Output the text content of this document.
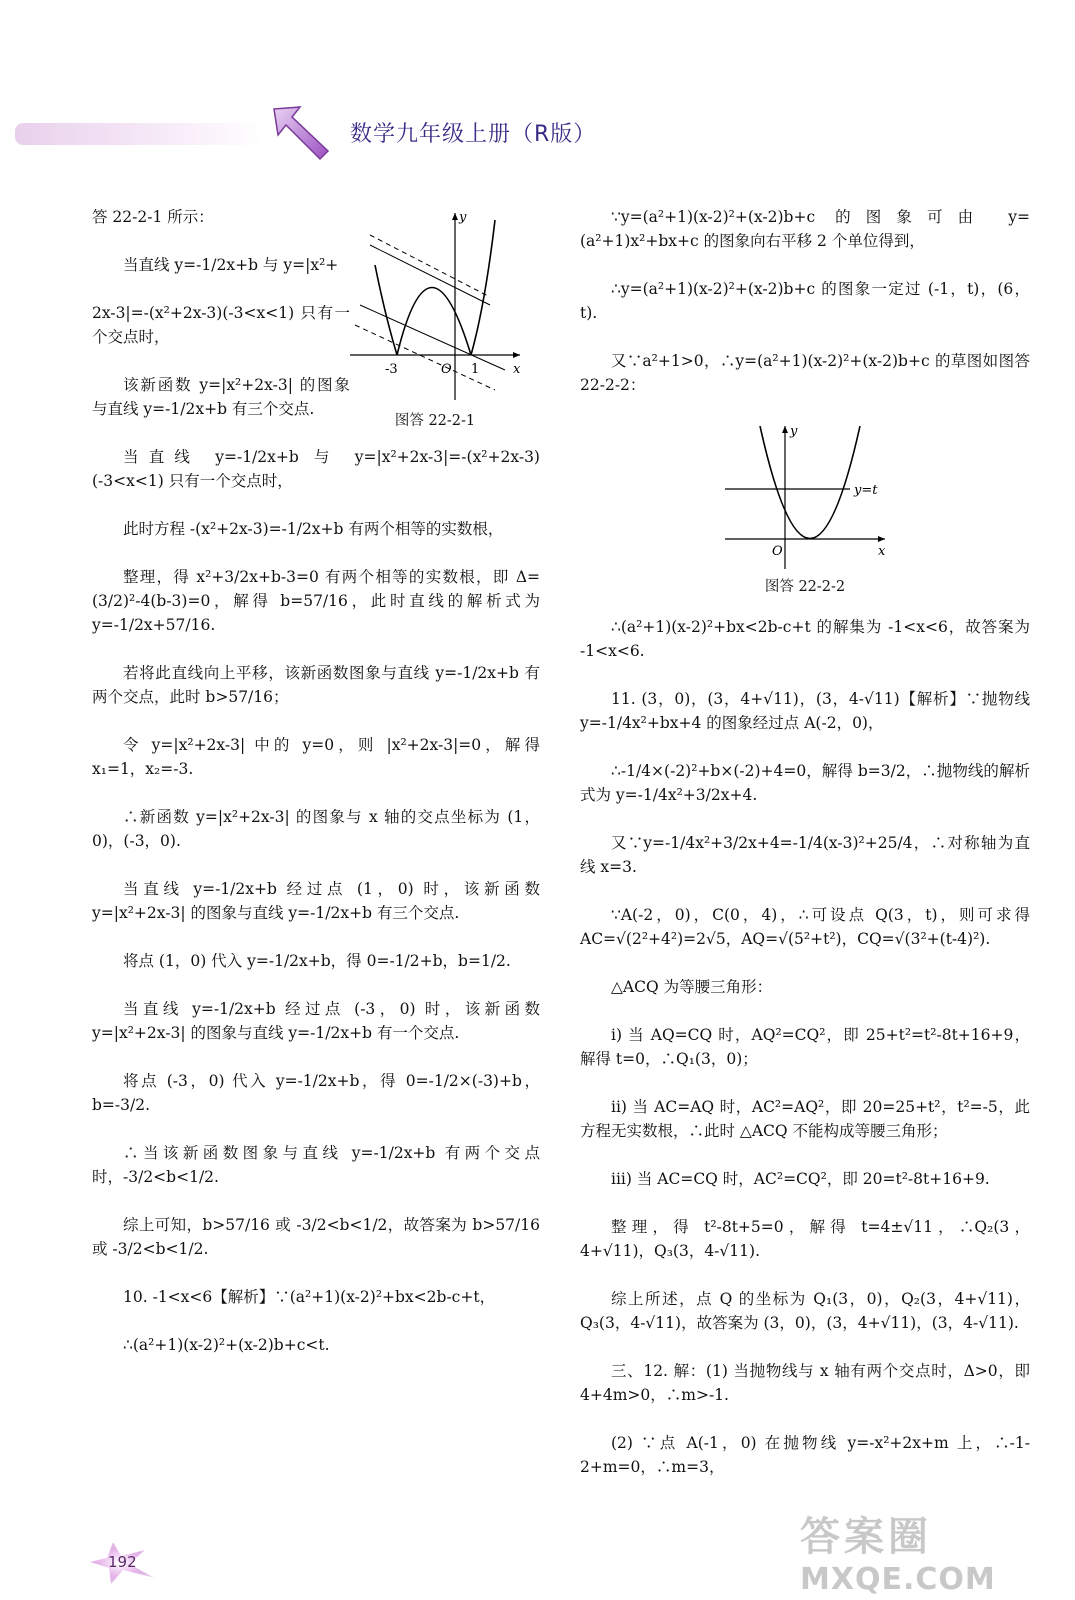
数学九年级上册（R版）
y
x
-3	O 1
图答 22-2-1

答 22-2-1 所示：

当直线 y=-1/2x+b 与 y=|x²+

2x-3|=-(x²+2x-3)(-3<x<1) 只有一个交点时，

该新函数 y=|x²+2x-3| 的图象与直线 y=-1/2x+b 有三个交点.

当直线 y=-1/2x+b 与 y=|x²+2x-3|=-(x²+2x-3)(-3<x<1) 只有一个交点时，

此时方程 -(x²+2x-3)=-1/2x+b 有两个相等的实数根，

整理，得 x²+3/2x+b-3=0 有两个相等的实数根，即 Δ=(3/2)²-4(b-3)=0，解得 b=57/16，此时直线的解析式为 y=-1/2x+57/16.

若将此直线向上平移，该新函数图象与直线 y=-1/2x+b 有两个交点，此时 b>57/16；

令 y=|x²+2x-3| 中的 y=0，则 |x²+2x-3|=0，解得 x₁=1，x₂=-3.

∴新函数 y=|x²+2x-3| 的图象与 x 轴的交点坐标为 (1，0)，(-3，0).

当直线 y=-1/2x+b 经过点 (1，0) 时，该新函数 y=|x²+2x-3| 的图象与直线 y=-1/2x+b 有三个交点.

将点 (1，0) 代入 y=-1/2x+b，得 0=-1/2+b，b=1/2.

当直线 y=-1/2x+b 经过点 (-3，0) 时，该新函数 y=|x²+2x-3| 的图象与直线 y=-1/2x+b 有一个交点.

将点 (-3，0) 代入 y=-1/2x+b，得 0=-1/2×(-3)+b，b=-3/2.

∴当该新函数图象与直线 y=-1/2x+b 有两个交点时，-3/2<b<1/2.

综上可知，b>57/16 或 -3/2<b<1/2，故答案为 b>57/16 或 -3/2<b<1/2.

10. -1<x<6【解析】∵(a²+1)(x-2)²+bx<2b-c+t，

∴(a²+1)(x-2)²+(x-2)b+c<t.

∵y=(a²+1)(x-2)²+(x-2)b+c 的图象可由 y=(a²+1)x²+bx+c 的图象向右平移 2 个单位得到，

∴y=(a²+1)(x-2)²+(x-2)b+c 的图象一定过 (-1，t)，(6，t).

又∵a²+1>0，∴y=(a²+1)(x-2)²+(x-2)b+c 的草图如图答 22-2-2：

y
x
O
y=t
图答 22-2-2

∴(a²+1)(x-2)²+bx<2b-c+t 的解集为 -1<x<6，故答案为 -1<x<6.

11. (3，0)，(3，4+√11)，(3，4-√11)【解析】∵抛物线 y=-1/4x²+bx+4 的图象经过点 A(-2，0)，

∴-1/4×(-2)²+b×(-2)+4=0，解得 b=3/2，∴抛物线的解析式为 y=-1/4x²+3/2x+4.

又∵y=-1/4x²+3/2x+4=-1/4(x-3)²+25/4，∴对称轴为直线 x=3.

∵A(-2，0)，C(0，4)，∴可设点 Q(3，t)，则可求得 AC=√(2²+4²)=2√5，AQ=√(5²+t²)，CQ=√(3²+(t-4)²).

△ACQ 为等腰三角形：

i) 当 AQ=CQ 时，AQ²=CQ²，即 25+t²=t²-8t+16+9，解得 t=0，∴Q₁(3，0)；

ii) 当 AC=AQ 时，AC²=AQ²，即 20=25+t²，t²=-5，此方程无实数根，∴此时 △ACQ 不能构成等腰三角形；

iii) 当 AC=CQ 时，AC²=CQ²，即 20=t²-8t+16+9.

整理，得 t²-8t+5=0，解得 t=4±√11，∴Q₂(3，4+√11)，Q₃(3，4-√11).

综上所述，点 Q 的坐标为 Q₁(3，0)，Q₂(3，4+√11)，Q₃(3，4-√11)，故答案为 (3，0)，(3，4+√11)，(3，4-√11).

三、12. 解：(1) 当抛物线与 x 轴有两个交点时，Δ>0，即 4+4m>0，∴m>-1.

(2) ∵点 A(-1，0) 在抛物线 y=-x²+2x+m 上，∴-1-2+m=0，∴m=3，

192
答案圈
MXQE.COM
